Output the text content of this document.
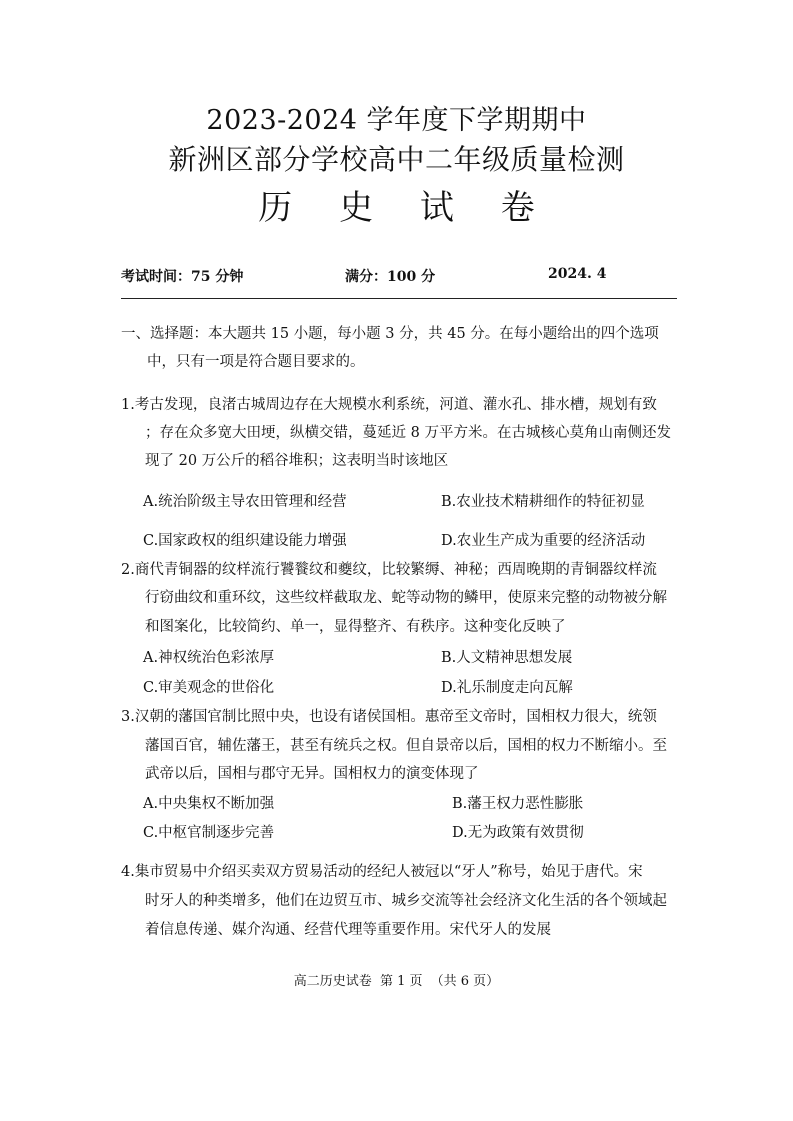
2023-2024 学年度下学期期中
新洲区部分学校高中二年级质量检测
历 史 试 卷
考试时间：75 分钟	满分：100 分	2024. 4
一、选择题：本大题共 15 小题，每小题 3 分，共 45 分。在每小题给出的四个选项
中，只有一项是符合题目要求的。
1.考古发现，良渚古城周边存在大规模水利系统，河道、灌水孔、排水槽，规划有致
；存在众多宽大田埂，纵横交错，蔓延近 8 万平方米。在古城核心莫角山南侧还发
现了 20 万公斤的稻谷堆积；这表明当时该地区
A.统治阶级主导农田管理和经营	B.农业技术精耕细作的特征初显
C.国家政权的组织建设能力增强	D.农业生产成为重要的经济活动
2.商代青铜器的纹样流行饕餮纹和夔纹，比较繁缛、神秘；西周晚期的青铜器纹样流
行窃曲纹和重环纹，这些纹样截取龙、蛇等动物的鳞甲，使原来完整的动物被分解
和图案化，比较简约、单一，显得整齐、有秩序。这种变化反映了
A.神权统治色彩浓厚	B.人文精神思想发展
C.审美观念的世俗化	D.礼乐制度走向瓦解
3.汉朝的藩国官制比照中央，也设有诸侯国相。惠帝至文帝时，国相权力很大，统领
藩国百官，辅佐藩王，甚至有统兵之权。但自景帝以后，国相的权力不断缩小。至
武帝以后，国相与郡守无异。国相权力的演变体现了
A.中央集权不断加强	B.藩王权力恶性膨胀
C.中枢官制逐步完善	D.无为政策有效贯彻
4.集市贸易中介绍买卖双方贸易活动的经纪人被冠以“牙人”称号，始见于唐代。宋
时牙人的种类增多，他们在边贸互市、城乡交流等社会经济文化生活的各个领域起
着信息传递、媒介沟通、经营代理等重要作用。宋代牙人的发展
高二历史试卷 第 1 页 （共 6 页）
